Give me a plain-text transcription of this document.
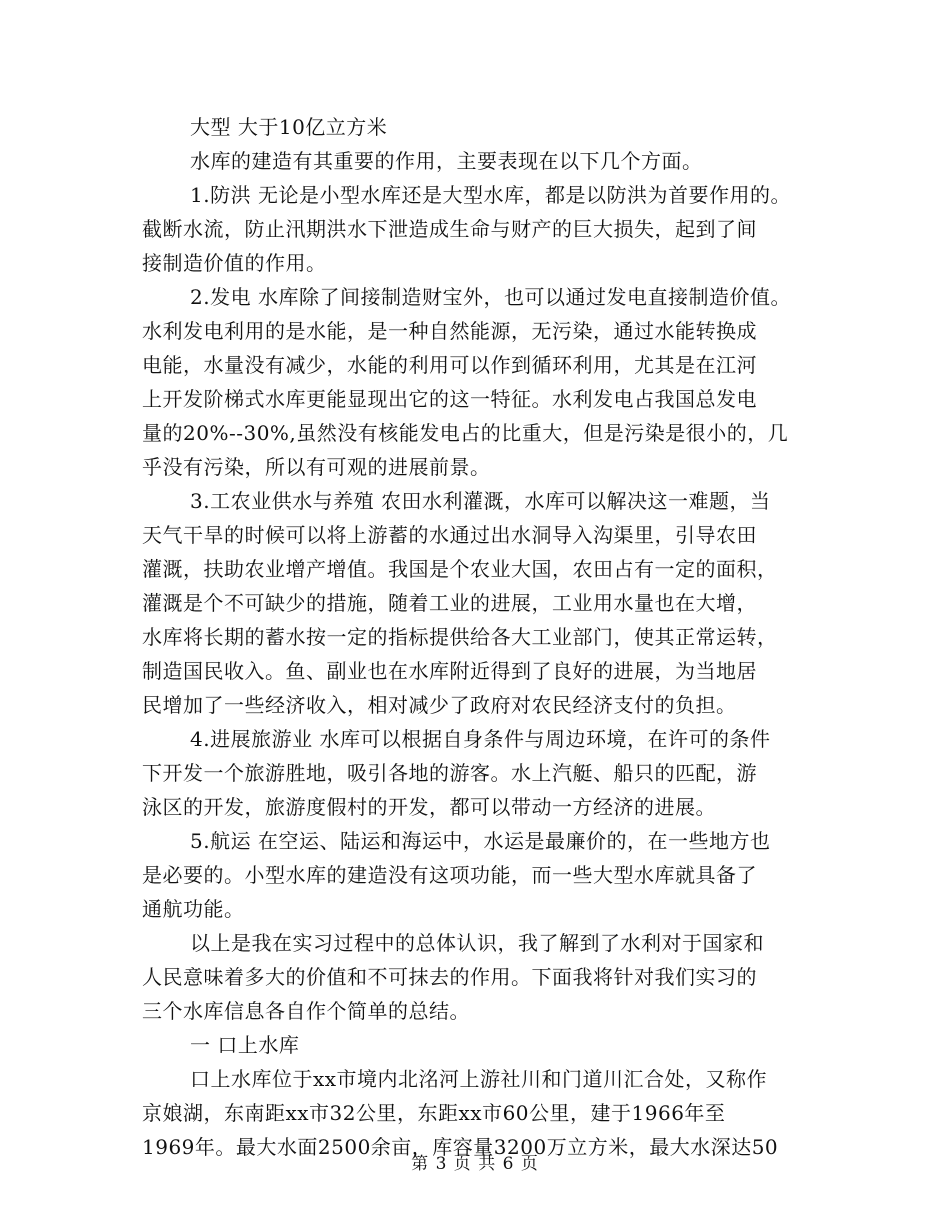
大型 大于10亿立方米
水库的建造有其重要的作用，主要表现在以下几个方面。
1.防洪 无论是小型水库还是大型水库，都是以防洪为首要作用的。
截断水流，防止汛期洪水下泄造成生命与财产的巨大损失，起到了间
接制造价值的作用。
2.发电 水库除了间接制造财宝外，也可以通过发电直接制造价值。
水利发电利用的是水能，是一种自然能源，无污染，通过水能转换成
电能，水量没有减少，水能的利用可以作到循环利用，尤其是在江河
上开发阶梯式水库更能显现出它的这一特征。水利发电占我国总发电
量的20%--30%,虽然没有核能发电占的比重大，但是污染是很小的，几
乎没有污染，所以有可观的进展前景。
3.工农业供水与养殖 农田水利灌溉，水库可以解决这一难题，当
天气干旱的时候可以将上游蓄的水通过出水洞导入沟渠里，引导农田
灌溉，扶助农业增产增值。我国是个农业大国，农田占有一定的面积，
灌溉是个不可缺少的措施，随着工业的进展，工业用水量也在大增，
水库将长期的蓄水按一定的指标提供给各大工业部门，使其正常运转，
制造国民收入。鱼、副业也在水库附近得到了良好的进展，为当地居
民增加了一些经济收入，相对减少了政府对农民经济支付的负担。
4.进展旅游业 水库可以根据自身条件与周边环境，在许可的条件
下开发一个旅游胜地，吸引各地的游客。水上汽艇、船只的匹配，游
泳区的开发，旅游度假村的开发，都可以带动一方经济的进展。
5.航运 在空运、陆运和海运中，水运是最廉价的，在一些地方也
是必要的。小型水库的建造没有这项功能，而一些大型水库就具备了
通航功能。
以上是我在实习过程中的总体认识，我了解到了水利对于国家和
人民意味着多大的价值和不可抹去的作用。下面我将针对我们实习的
三个水库信息各自作个简单的总结。
一 口上水库
口上水库位于xx市境内北洺河上游社川和门道川汇合处，又称作
京娘湖，东南距xx市32公里，东距xx市60公里，建于1966年至
1969年。最大水面2500余亩，库容量3200万立方米，最大水深达50
第 3 页 共 6 页
